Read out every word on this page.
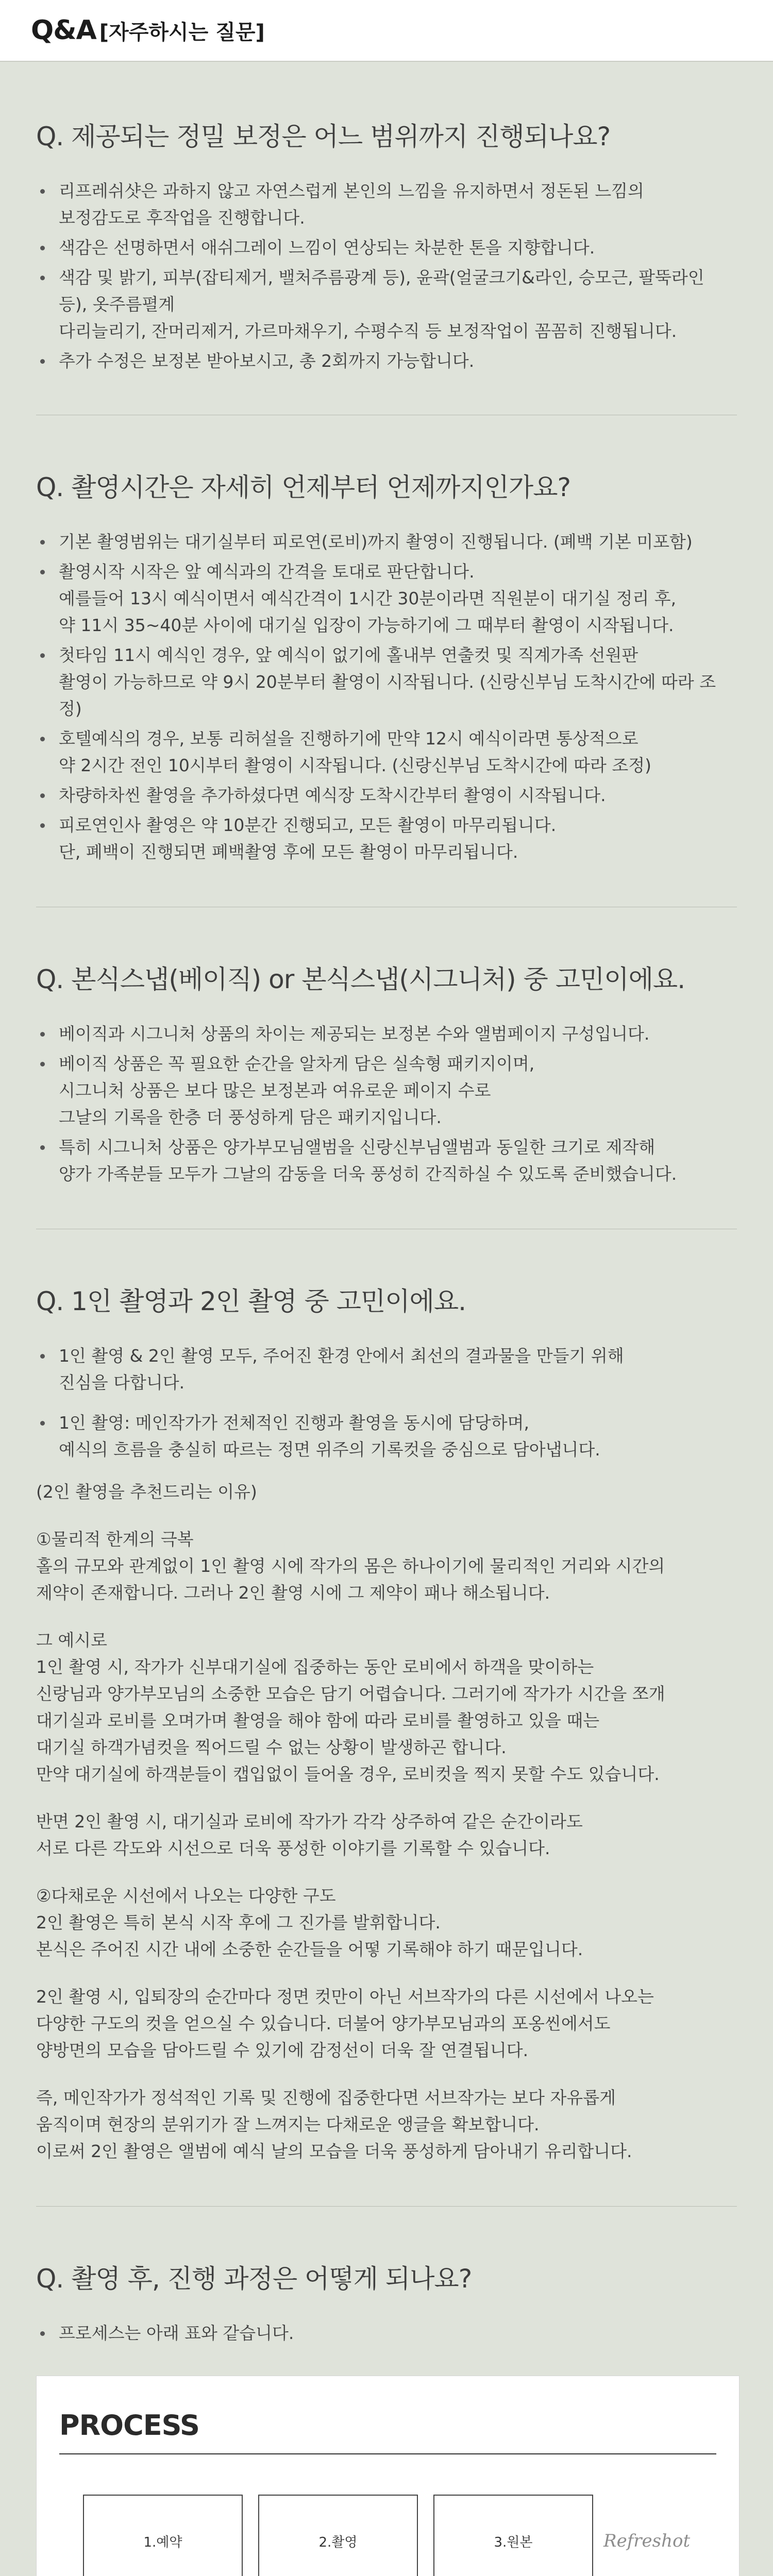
Q&A [자주하시는 질문]
Q. 제공되는 정밀 보정은 어느 범위까지 진행되나요?
리프레쉬샷은 과하지 않고 자연스럽게 본인의 느낌을 유지하면서 정돈된 느낌의
보정감도로 후작업을 진행합니다.
색감은 선명하면서 애쉬그레이 느낌이 연상되는 차분한 톤을 지향합니다.
색감 및 밝기, 피부(잡티제거, 밸처주름광계 등), 윤곽(얼굴크기&라인, 승모근, 팔뚝라인 등), 옷주름펼계
다리늘리기, 잔머리제거, 가르마채우기, 수평수직 등 보정작업이 꼼꼼히 진행됩니다.
추가 수정은 보정본 받아보시고, 총 2회까지 가능합니다.
Q. 촬영시간은 자세히 언제부터 언제까지인가요?
기본 촬영범위는 대기실부터 피로연(로비)까지 촬영이 진행됩니다. (폐백 기본 미포함)
촬영시작 시작은 앞 예식과의 간격을 토대로 판단합니다.
예를들어 13시 예식이면서 예식간격이 1시간 30분이라면 직원분이 대기실 정리 후,
약 11시 35~40분 사이에 대기실 입장이 가능하기에 그 때부터 촬영이 시작됩니다.
첫타임 11시 예식인 경우, 앞 예식이 없기에 홀내부 연출컷 및 직계가족 선원판
촬영이 가능하므로 약 9시 20분부터 촬영이 시작됩니다. (신랑신부님 도착시간에 따라 조정)
호텔예식의 경우, 보통 리허설을 진행하기에 만약 12시 예식이라면 통상적으로
약 2시간 전인 10시부터 촬영이 시작됩니다. (신랑신부님 도착시간에 따라 조정)
차량하차씬 촬영을 추가하셨다면 예식장 도착시간부터 촬영이 시작됩니다.
피로연인사 촬영은 약 10분간 진행되고, 모든 촬영이 마무리됩니다.
단, 폐백이 진행되면 폐백촬영 후에 모든 촬영이 마무리됩니다.
Q. 본식스냅(베이직) or 본식스냅(시그니처) 중 고민이에요.
베이직과 시그니처 상품의 차이는 제공되는 보정본 수와 앨범페이지 구성입니다.
베이직 상품은 꼭 필요한 순간을 알차게 담은 실속형 패키지이며,
시그니처 상품은 보다 많은 보정본과 여유로운 페이지 수로
그날의 기록을 한층 더 풍성하게 담은 패키지입니다.
특히 시그니처 상품은 양가부모님앨범을 신랑신부님앨범과 동일한 크기로 제작해
양가 가족분들 모두가 그날의 감동을 더욱 풍성히 간직하실 수 있도록 준비했습니다.
Q. 1인 촬영과 2인 촬영 중 고민이에요.
1인 촬영 & 2인 촬영 모두, 주어진 환경 안에서 최선의 결과물을 만들기 위해
진심을 다합니다.
1인 촬영: 메인작가가 전체적인 진행과 촬영을 동시에 담당하며,
예식의 흐름을 충실히 따르는 정면 위주의 기록컷을 중심으로 담아냅니다.

(2인 촬영을 추천드리는 이유)

①물리적 한계의 극복
홀의 규모와 관계없이 1인 촬영 시에 작가의 몸은 하나이기에 물리적인 거리와 시간의
제약이 존재합니다. 그러나 2인 촬영 시에 그 제약이 패나 해소됩니다.

그 예시로
1인 촬영 시, 작가가 신부대기실에 집중하는 동안 로비에서 하객을 맞이하는
신랑님과 양가부모님의 소중한 모습은 담기 어렵습니다. 그러기에 작가가 시간을 쪼개
대기실과 로비를 오며가며 촬영을 해야 함에 따라 로비를 촬영하고 있을 때는
대기실 하객가념컷을 찍어드릴 수 없는 상황이 발생하곤 합니다.
만약 대기실에 하객분들이 캡입없이 들어올 경우, 로비컷을 찍지 못할 수도 있습니다.

반면 2인 촬영 시, 대기실과 로비에 작가가 각각 상주하여 같은 순간이라도
서로 다른 각도와 시선으로 더욱 풍성한 이야기를 기록할 수 있습니다.

②다채로운 시선에서 나오는 다양한 구도
2인 촬영은 특히 본식 시작 후에 그 진가를 발휘합니다.
본식은 주어진 시간 내에 소중한 순간들을 어떻 기록해야 하기 때문입니다.

2인 촬영 시, 입퇴장의 순간마다 정면 컷만이 아닌 서브작가의 다른 시선에서 나오는
다양한 구도의 컷을 얻으실 수 있습니다. 더불어 양가부모님과의 포옹씬에서도
양방면의 모습을 담아드릴 수 있기에 감정선이 더욱 잘 연결됩니다.

즉, 메인작가가 정석적인 기록 및 진행에 집중한다면 서브작가는 보다 자유롭게
움직이며 현장의 분위기가 잘 느껴지는 다채로운 앵글을 확보합니다.
이로써 2인 촬영은 앨범에 예식 날의 모습을 더욱 풍성하게 담아내기 유리합니다.

Q. 촬영 후, 진행 과정은 어떻게 되나요?
프로세스는 아래 표와 같습니다.
PROCESS
1.예약	2.촬영	3.원본	Refreshot
